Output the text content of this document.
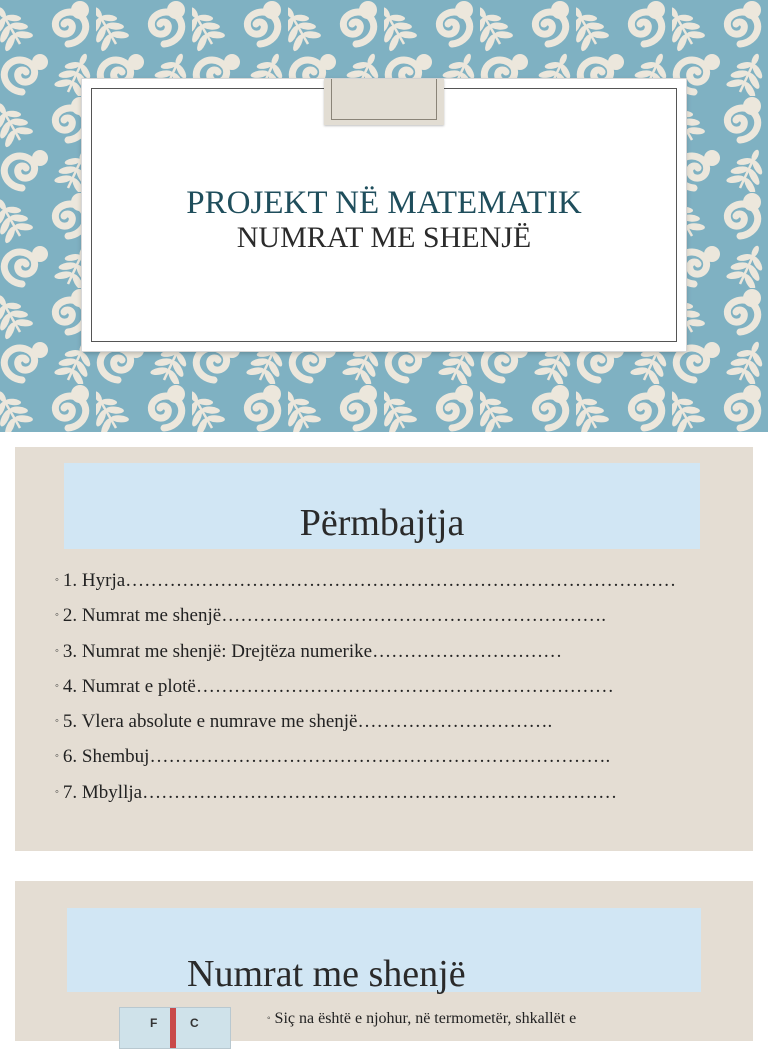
PROJEKT NË MATEMATIK
NUMRAT ME SHENJË
Përmbajtja
◦ 1. Hyrja……………………………………………………………………………
◦ 2. Numrat me shenjë…………………………………………………….
◦ 3. Numrat me shenjë: Drejtëza numerike…………………………
◦ 4. Numrat e plotë…………………………………………………………
◦ 5. Vlera absolute e numrave me shenjë………………………….
◦ 6. Shembuj……………………………………………………………….
◦ 7. Mbyllja…………………………………………………………………
Numrat me shenjë
F	C	◦ Siç na është e njohur, në termometër, shkallët e
